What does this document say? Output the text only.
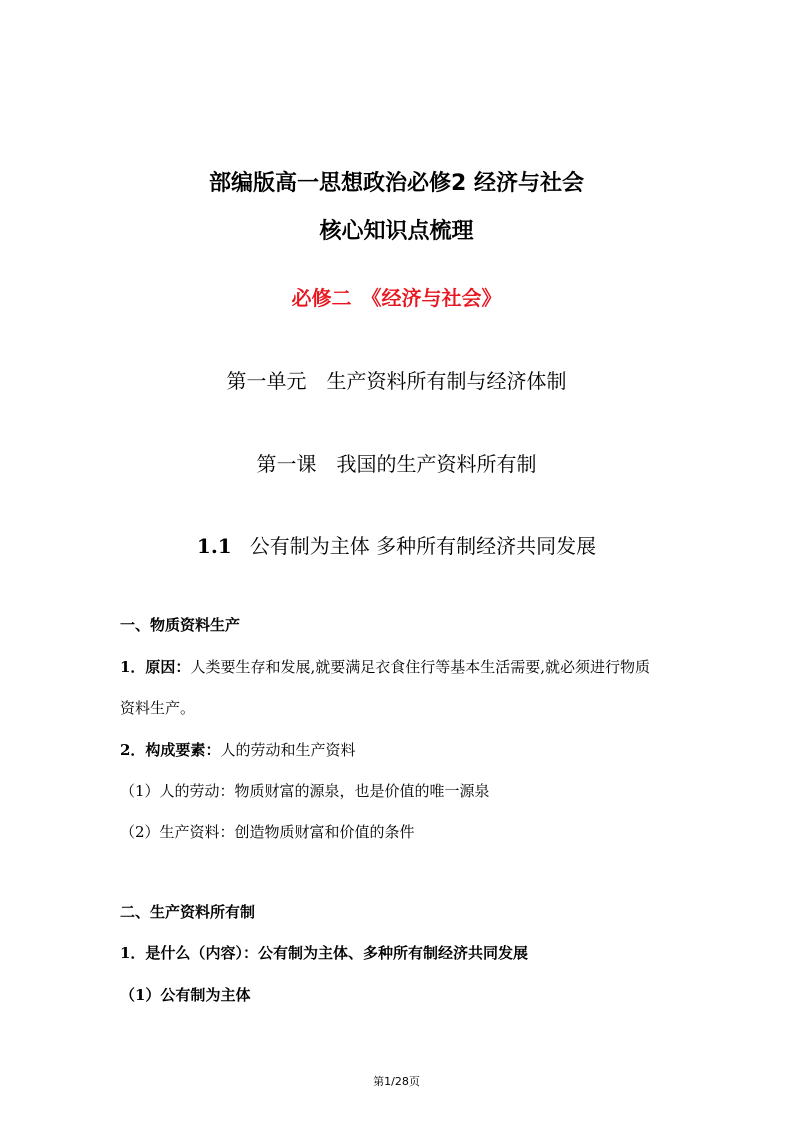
部编版高一思想政治必修2 经济与社会
核心知识点梳理
必修二　《经济与社会》
第一单元　生产资料所有制与经济体制
第一课　我国的生产资料所有制
1.1 公有制为主体 多种所有制经济共同发展
一、物质资料生产
1．原因：人类要生存和发展,就要满足衣食住行等基本生活需要,就必须进行物质
资料生产。
2．构成要素：人的劳动和生产资料
（1）人的劳动：物质财富的源泉，也是价值的唯一源泉
（2）生产资料：创造物质财富和价值的条件
二、生产资料所有制
1．是什么（内容）：公有制为主体、多种所有制经济共同发展
（1）公有制为主体
第1/28页
